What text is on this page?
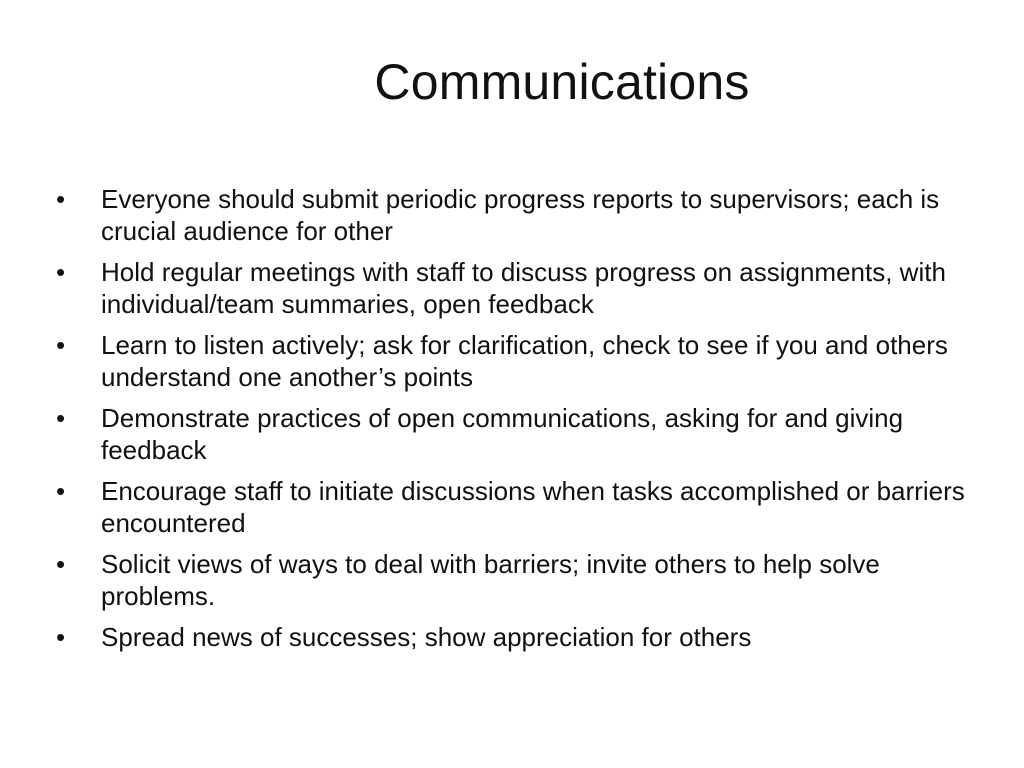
Communications
•	Everyone should submit periodic progress reports to supervisors; each is crucial audience for other
•	Hold regular meetings with staff to discuss progress on assignments, with individual/team summaries, open feedback
•	Learn to listen actively; ask for clarification, check to see if you and others understand one another’s points
•	Demonstrate practices of open communications, asking for and giving feedback
•	Encourage staff to initiate discussions when tasks accomplished or barriers encountered
•	Solicit views of ways to deal with barriers; invite others to help solve problems.
•	Spread news of successes; show appreciation for others
